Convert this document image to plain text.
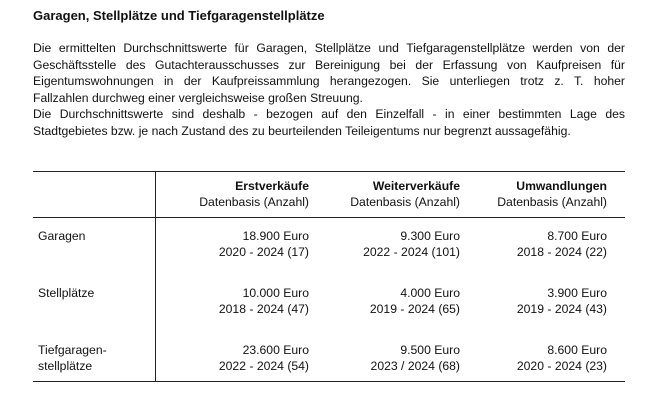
Garagen, Stellplätze und Tiefgaragenstellplätze
Die ermittelten Durchschnittswerte für Garagen, Stellplätze und Tiefgaragenstellplätze werden von der
Geschäftsstelle des Gutachterausschusses zur Bereinigung bei der Erfassung von Kaufpreisen für
Eigentumswohnungen in der Kaufpreissammlung herangezogen. Sie unterliegen trotz z. T. hoher
Fallzahlen durchweg einer vergleichsweise großen Streuung.
Die Durchschnittswerte sind deshalb - bezogen auf den Einzelfall - in einer bestimmten Lage des
Stadtgebietes bzw. je nach Zustand des zu beurteilenden Teileigentums nur begrenzt aussagefähig.
Erstverkäufe
Datenbasis (Anzahl)
Weiterverkäufe
Datenbasis (Anzahl)
Umwandlungen
Datenbasis (Anzahl)
Garagen	18.900 Euro
2020 - 2024 (17)
9.300 Euro
2022 - 2024 (101)
8.700 Euro
2018 - 2024 (22)
Stellplätze	10.000 Euro
2018 - 2024 (47)
4.000 Euro
2019 - 2024 (65)
3.900 Euro
2019 - 2024 (43)
Tiefgaragen-
stellplätze
23.600 Euro
2022 - 2024 (54)
9.500 Euro
2023 / 2024 (68)
8.600 Euro
2020 - 2024 (23)
